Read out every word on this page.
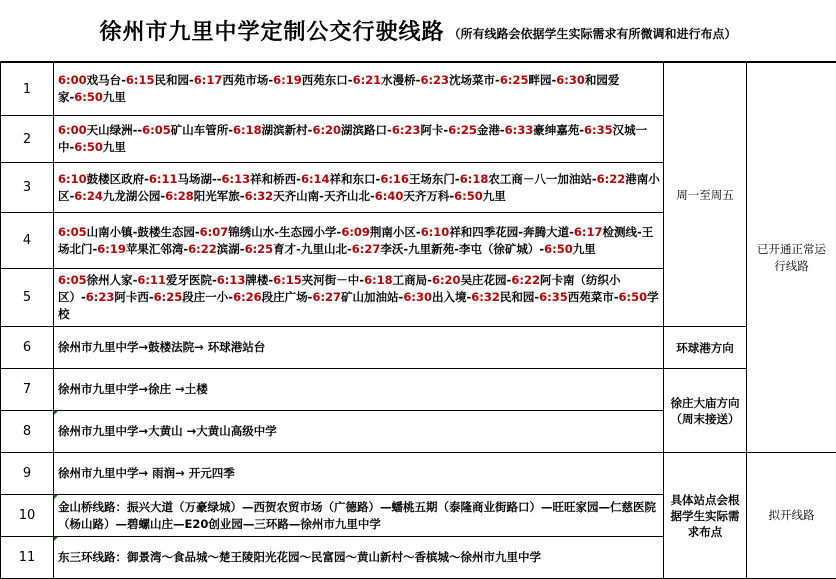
徐州市九里中学定制公交行驶线路 （所有线路会依据学生实际需求有所微调和进行布点）
1	6:00戏马台-6:15民和园-6:17西苑市场-6:19西苑东口-6:21水漫桥-6:23沈场菜市-6:25畔园-6:30和园爱家-6:50九里	周一至周五	已开通正常运行线路
2	6:00天山绿洲--6:05矿山车管所-6:18湖滨新村-6:20湖滨路口-6:23阿卡-6:25金港-6:33豪绅嘉苑-6:35汉城一中-6:50九里		
3	6:10鼓楼区政府-6:11马场湖--6:13祥和桥西-6:14祥和东口-6:16王场东门-6:18农工商－八一加油站-6:22港南小区-6:24九龙湖公园-6:28阳光军旅-6:32天齐山南-天齐山北-6:40天齐万科-6:50九里		
4	6:05山南小镇-鼓楼生态园-6:07锦绣山水-生态园小学-6:09荆南小区-6:10祥和四季花园-奔腾大道-6:17检测线-王场北门-6:19苹果汇邻湾-6:22滨湖-6:25育才-九里山北-6:27李沃-九里新苑-李屯（徐矿城）-6:50九里		
5	6:05徐州人家-6:11爱牙医院-6:13牌楼-6:15夹河街－中-6:18工商局-6:20吴庄花园-6:22阿卡南（纺织小区）-6:23阿卡西-6:25段庄一小-6:26段庄广场-6:27矿山加油站-6:30出入境-6:32民和园-6:35西苑菜市-6:50学校		
6	徐州市九里中学→鼓楼法院→ 环球港站台	环球港方向	
7	徐州市九里中学→徐庄 →土楼	徐庄大庙方向（周末接送）	
8	徐州市九里中学→大黄山 →大黄山高级中学		
9	徐州市九里中学→ 雨润→ 开元四季	具体站点会根据学生实际需求布点	拟开线路
10	金山桥线路：振兴大道（万豪绿城）—西贺农贸市场（广德路）—蟠桃五期（泰隆商业街路口）—旺旺家园—仁慈医院（杨山路）—碧螺山庄—E20创业园—三环路—徐州市九里中学		
11	东三环线路：御景湾～食品城～楚王陵阳光花园～民富园～黄山新村～香槟城～徐州市九里中学		
